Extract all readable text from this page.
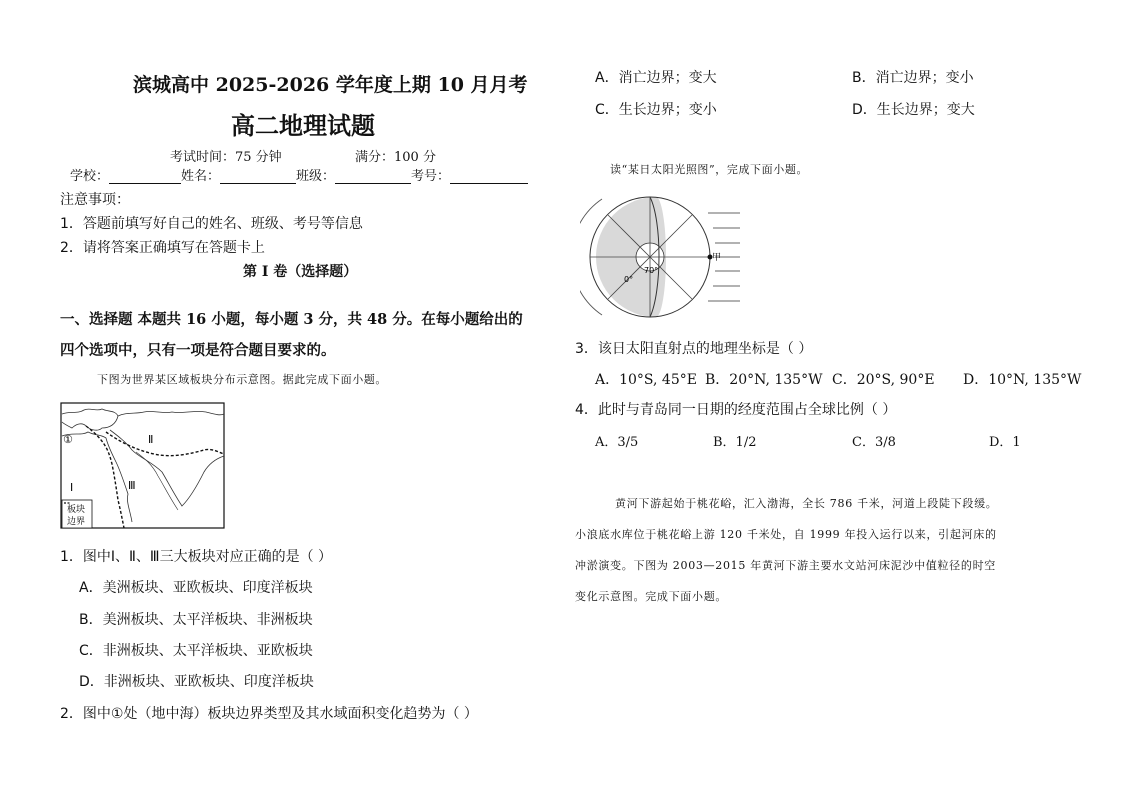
滨城高中 2025-2026 学年度上期 10 月月考
高二地理试题
考试时间：75 分钟	满分：100 分
学校：	姓名：	班级：	考号：
注意事项：
1．答题前填写好自己的姓名、班级、考号等信息
2．请将答案正确填写在答题卡上
第 I 卷（选择题）
一、选择题 本题共 16 小题，每小题 3 分，共 48 分。在每小题给出的
四个选项中，只有一项是符合题目要求的。
下图为世界某区域板块分布示意图。据此完成下面小题。
①	Ⅱ
Ⅰ	Ⅲ
板块
边界
1．图中Ⅰ、Ⅱ、Ⅲ三大板块对应正确的是（ ）
A．美洲板块、亚欧板块、印度洋板块
B．美洲板块、太平洋板块、非洲板块
C．非洲板块、太平洋板块、亚欧板块
D．非洲板块、亚欧板块、印度洋板块
2．图中①处（地中海）板块边界类型及其水域面积变化趋势为（ ）
A．消亡边界；变大	B．消亡边界；变小
C．生长边界；变小	D．生长边界；变大
读“某日太阳光照图”，完成下面小题。
甲
70°
0°
3．该日太阳直射点的地理坐标是（ ）
A．10°S, 45°E B．20°N, 135°W C．20°S, 90°E D．10°N, 135°W
4．此时与青岛同一日期的经度范围占全球比例（ ）
A．3/5	B．1/2	C．3/8	D．1
黄河下游起始于桃花峪，汇入渤海，全长 786 千米，河道上段陡下段缓。
小浪底水库位于桃花峪上游 120 千米处，自 1999 年投入运行以来，引起河床的
冲淤演变。下图为 2003—2015 年黄河下游主要水文站河床泥沙中值粒径的时空
变化示意图。完成下面小题。
